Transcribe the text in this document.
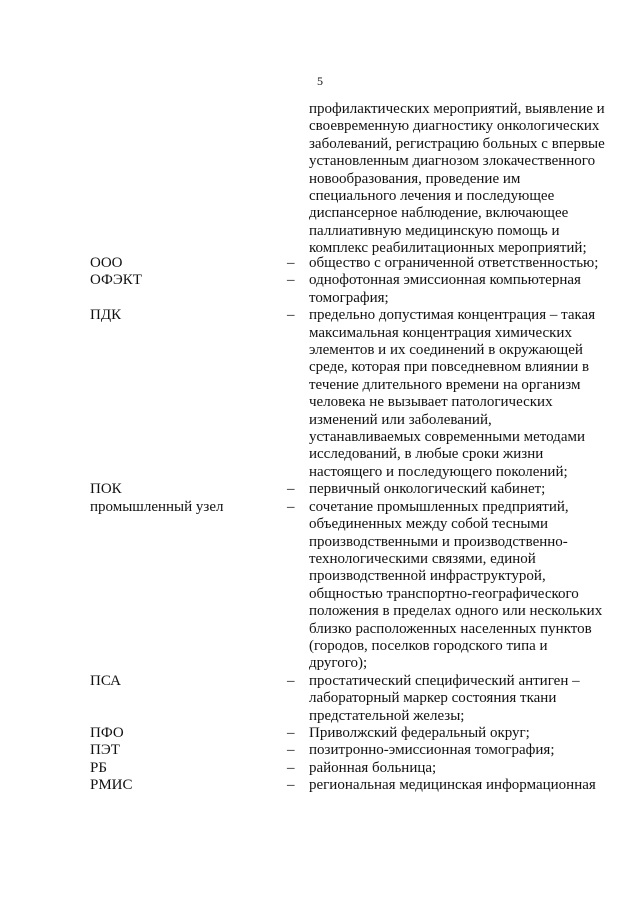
5
профилактических мероприятий, выявление и
своевременную диагностику онкологических
заболеваний, регистрацию больных с впервые
установленным диагнозом злокачественного
новообразования, проведение им
специального лечения и последующее
диспансерное наблюдение, включающее
паллиативную медицинскую помощь и
комплекс реабилитационных мероприятий;
ООО	– общество с ограниченной ответственностью;
ОФЭКТ	– однофотонная эмиссионная компьютерная
томография;
ПДК	– предельно допустимая концентрация – такая
максимальная концентрация химических
элементов и их соединений в окружающей
среде, которая при повседневном влиянии в
течение длительного времени на организм
человека не вызывает патологических
изменений или заболеваний,
устанавливаемых современными методами
исследований, в любые сроки жизни
настоящего и последующего поколений;
ПОК	– первичный онкологический кабинет;
промышленный узел	– сочетание промышленных предприятий,
объединенных между собой тесными
производственными и производственно-
технологическими связями, единой
производственной инфраструктурой,
общностью транспортно-географического
положения в пределах одного или нескольких
близко расположенных населенных пунктов
(городов, поселков городского типа и
другого);
ПСА	– простатический специфический антиген –
лабораторный маркер состояния ткани
предстательной железы;
ПФО	– Приволжский федеральный округ;
ПЭТ	– позитронно-эмиссионная томография;
РБ	– районная больница;
РМИС	– региональная медицинская информационная
